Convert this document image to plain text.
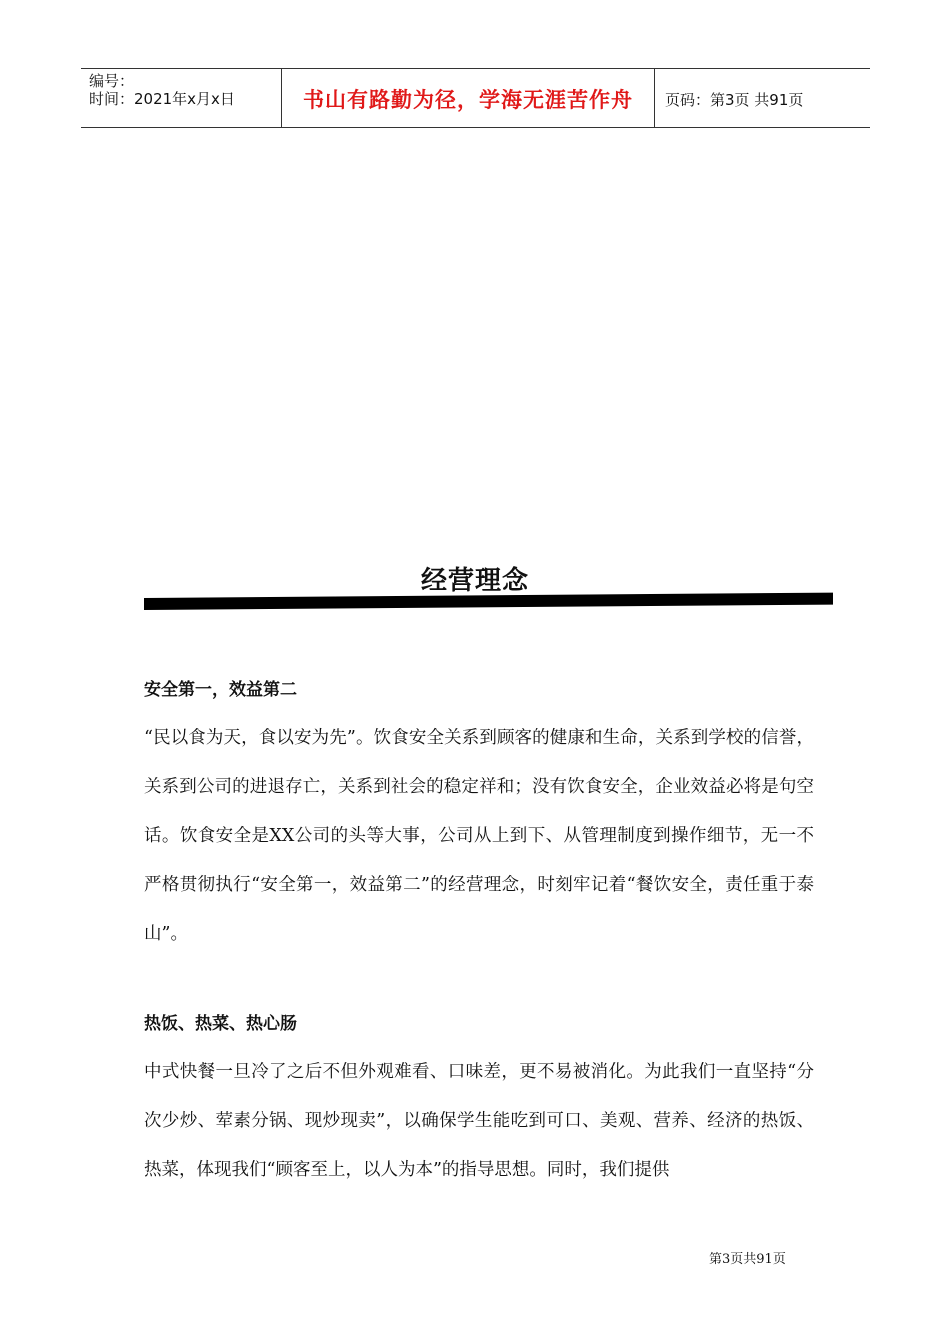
编号：
时间：2021年x月x日	书山有路勤为径，学海无涯苦作舟	页码：第3页 共91页
经营理念

安全第一，效益第二

“民以食为天，食以安为先”。饮食安全关系到顾客的健康和生命，关系到学校的信誉，关系到公司的进退存亡，关系到社会的稳定祥和；没有饮食安全，企业效益必将是句空话。饮食安全是XX公司的头等大事，公司从上到下、从管理制度到操作细节，无一不严格贯彻执行“安全第一，效益第二”的经营理念，时刻牢记着“餐饮安全，责任重于泰山”。

热饭、热菜、热心肠

中式快餐一旦冷了之后不但外观难看、口味差，更不易被消化。为此我们一直坚持“分次少炒、荤素分锅、现炒现卖”，以确保学生能吃到可口、美观、营养、经济的热饭、热菜，体现我们“顾客至上，以人为本”的指导思想。同时，我们提供

第3页共91页
